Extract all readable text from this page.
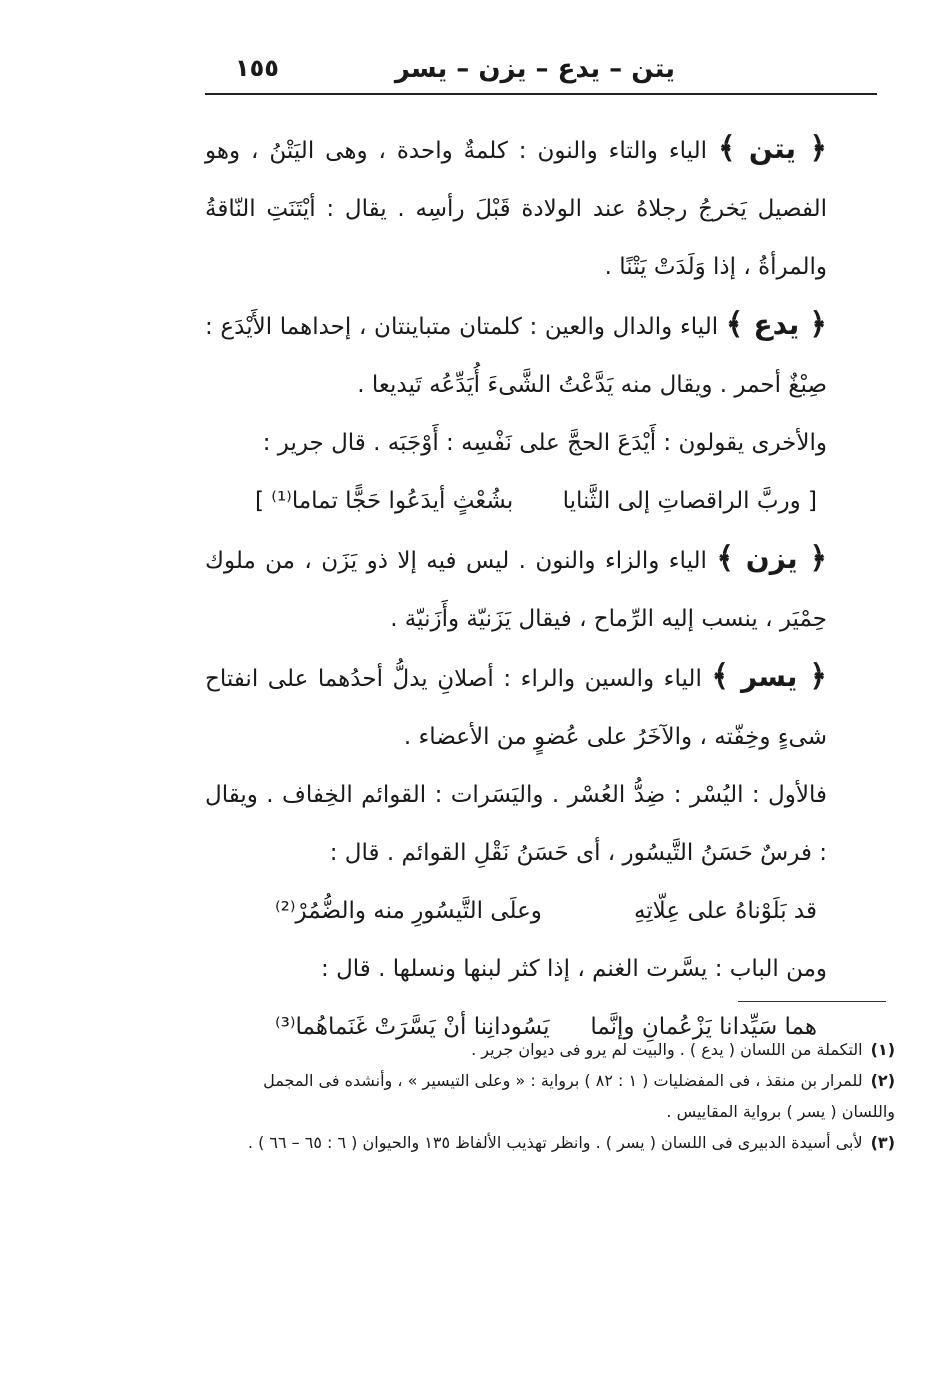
يتن – يدع – يزن – يسر
١٥٥

﴿ يتن ﴾ الياء والتاء والنون : كلمةٌ واحدة ، وهى اليَتْنُ ، وهو الفصيل يَخرجُ رجلاهُ عند الولادة قَبْلَ رأسِه . يقال : أيْتَنَتِ النّاقةُ والمرأةُ ، إذا وَلَدَتْ يَتْنًا .

﴿ يدع ﴾ الياء والدال والعين : كلمتان متباينتان ، إحداهما الأَيْدَع : صِبْغٌ أحمر . ويقال منه يَدَّعْتُ الشَّىءَ أُيَدِّعُه تَيديعا .

والأخرى يقولون : أَيْدَعَ الحجَّ على نَفْسِه : أَوْجَبَه . قال جرير :

[ وربَّ الراقصاتِ إلى الثَّنايا
بشُعْثٍ أيدَعُوا حَجًّا تماما⁽¹⁾ ]

﴿ يزن ﴾ الياء والزاء والنون . ليس فيه إلا ذو يَزَن ، من ملوك حِمْيَر ، ينسب إليه الرِّماح ، فيقال يَزَنيّة وأَزَنيّة .

﴿ يسر ﴾ الياء والسين والراء : أصلانِ يدلُّ أحدُهما على انفتاح شىءٍ وخِفّته ، والآخَرُ على عُضوٍ من الأعضاء .

فالأول : اليُسْر : ضِدُّ العُسْر . واليَسَرات : القوائم الخِفاف . ويقال : فرسٌ حَسَنُ التَّيسُور ، أى حَسَنُ نَقْلِ القوائم . قال :

قد بَلَوْناهُ على عِلّاتِهِ
وعلَى التَّيسُورِ منه والضُّمُرْ⁽²⁾

ومن الباب : يسَّرت الغنم ، إذا كثر لبنها ونسلها . قال :

هما سَيِّدانا يَزْعُمانِ وإنَّما
يَسُودانِنا أنْ يَسَّرَتْ غَنَماهُما⁽³⁾

(١)التكملة من اللسان ( يدع ) . والبيت لم يرو فى ديوان جرير .

(٢)للمرار بن منقذ ، فى المفضليات ( ١ : ٨٢ ) برواية : « وعلى التيسير » ، وأنشده فى المجمل واللسان ( يسر ) برواية المقاييس .

(٣)لأبى أسيدة الدبيرى فى اللسان ( يسر ) . وانظر تهذيب الألفاظ ١٣٥ والحيوان ( ٦ : ٦٥ – ٦٦ ) .
